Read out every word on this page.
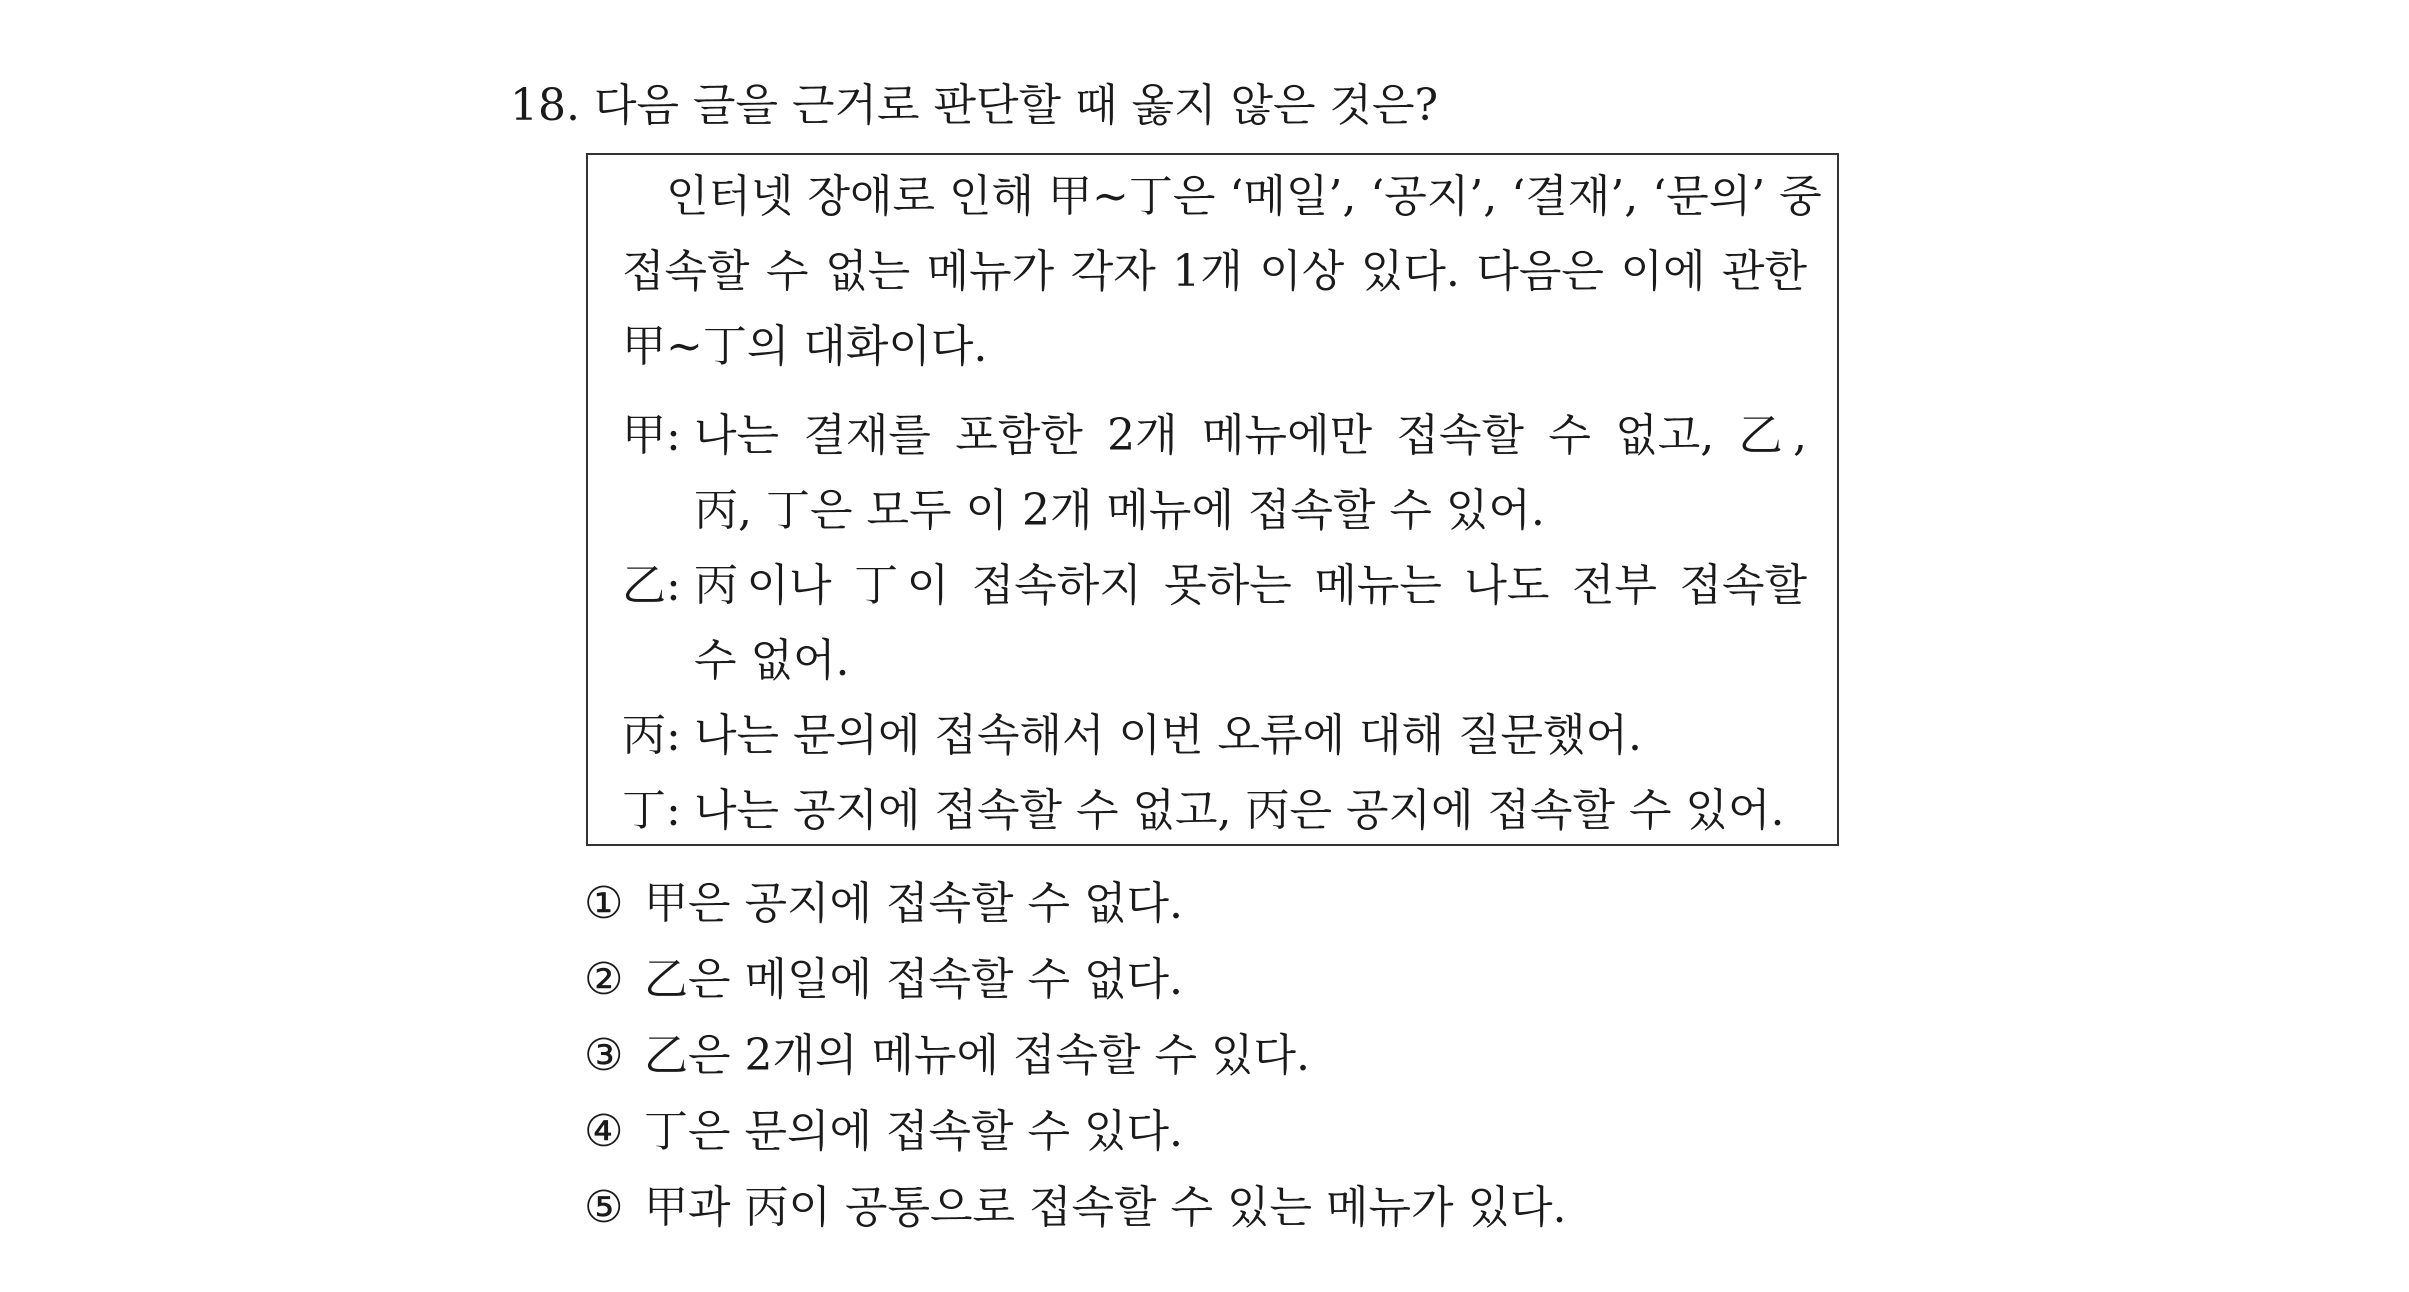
18. 다음 글을 근거로 판단할 때 옳지 않은 것은?
인터넷 장애로 인해 甲~丁은 ‘메일’, ‘공지’, ‘결재’, ‘문의’ 중
접속할 수 없는 메뉴가 각자 1개 이상 있다. 다음은 이에 관한
甲~丁의 대화이다.
甲: 나는 결재를 포함한 2개 메뉴에만 접속할 수 없고, 乙,
丙, 丁은 모두 이 2개 메뉴에 접속할 수 있어.
乙: 丙이나 丁이 접속하지 못하는 메뉴는 나도 전부 접속할
수 없어.
丙: 나는 문의에 접속해서 이번 오류에 대해 질문했어.
丁: 나는 공지에 접속할 수 없고, 丙은 공지에 접속할 수 있어.
① 甲은 공지에 접속할 수 없다.
② 乙은 메일에 접속할 수 없다.
③ 乙은 2개의 메뉴에 접속할 수 있다.
④ 丁은 문의에 접속할 수 있다.
⑤ 甲과 丙이 공통으로 접속할 수 있는 메뉴가 있다.
